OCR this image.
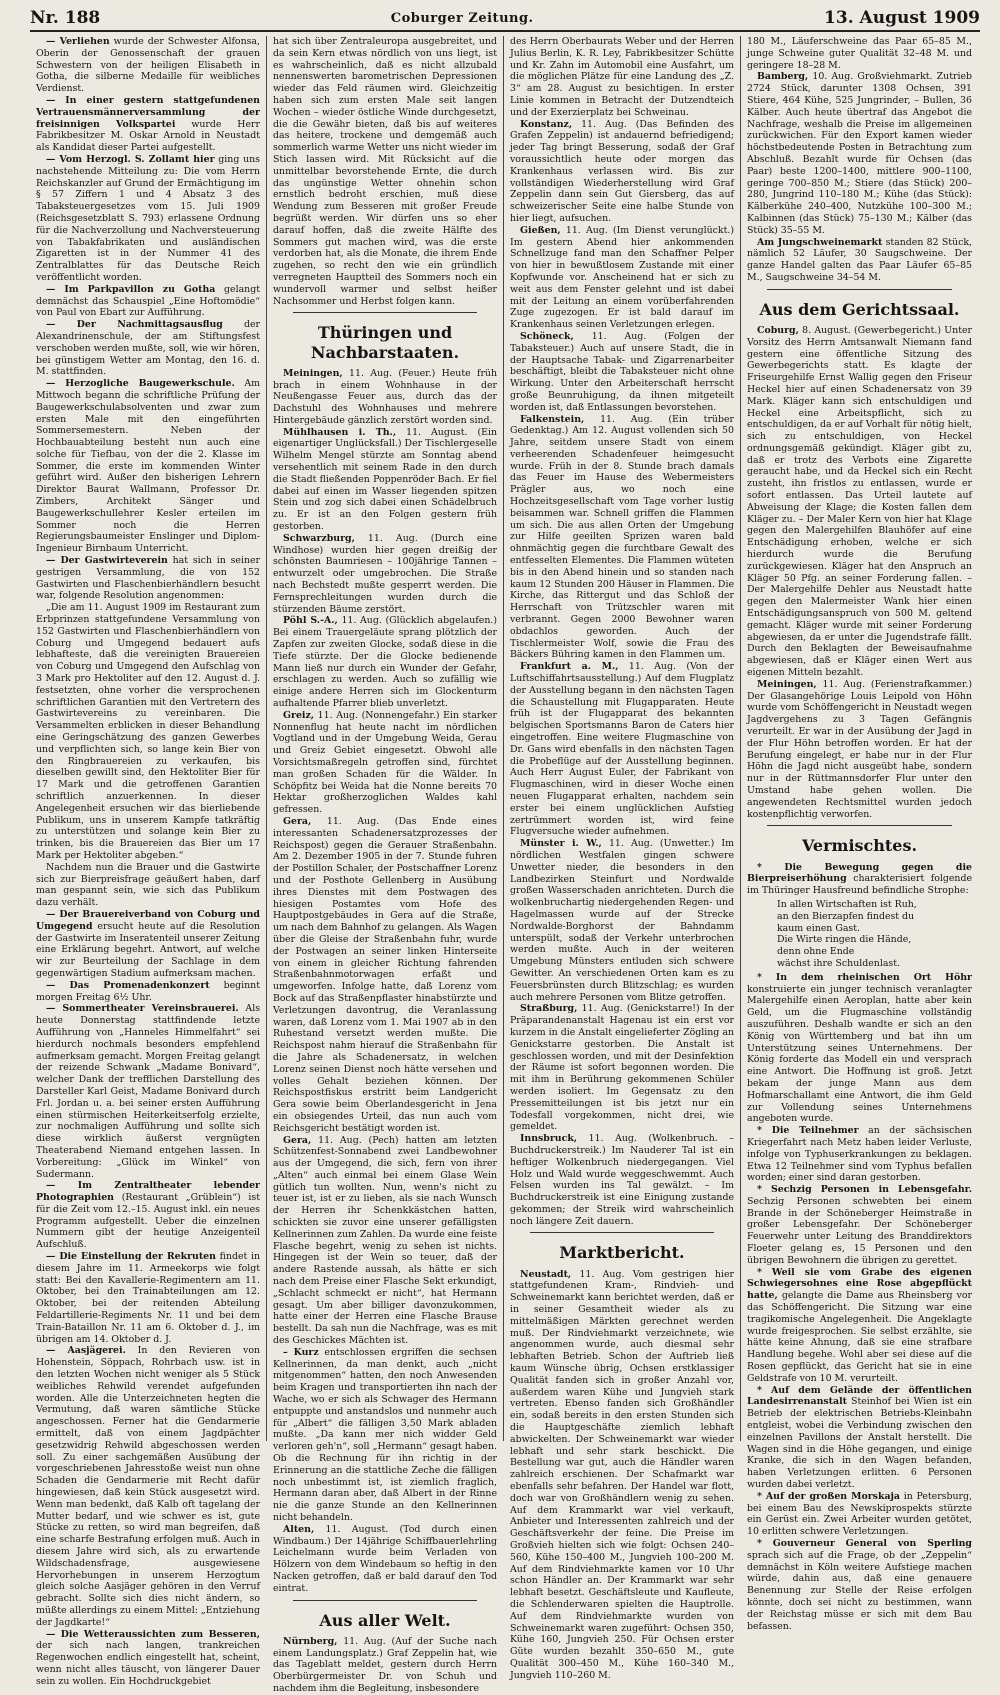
Nr. 188	Coburger Zeitung.	13. August 1909

— Verliehen wurde der Schwester Alfonsa, Oberin der Genossenschaft der grauen Schwestern von der heiligen Elisabeth in Gotha, die silberne Medaille für weibliches Verdienst.

— In einer gestern stattgefundenen Vertrauensmännerversammlung der freisinnigen Volkspartei wurde Herr Fabrikbesitzer M. Oskar Arnold in Neustadt als Kandidat dieser Partei aufgestellt.

— Vom Herzogl. S. Zollamt hier ging uns nachstehende Mitteilung zu: Die vom Herrn Reichskanzler auf Grund der Ermächtigung im § 57 Ziffern 1 und 4 Absatz 3 des Tabaksteuergesetzes vom 15. Juli 1909 (Reichsgesetzblatt S. 793) erlassene Ordnung für die Nachverzollung und Nachversteuerung von Tabakfabrikaten und ausländischen Zigaretten ist in der Nummer 41 des Zentralblattes für das Deutsche Reich veröffentlicht worden.

— Im Parkpavillon zu Gotha gelangt demnächst das Schauspiel „Eine Hoftomödie“ von Paul von Ebart zur Aufführung.

— Der Nachmittagsausflug der Alexandrinenschule, der am Stiftungsfest verschoben werden mußte, soll, wie wir hören, bei günstigem Wetter am Montag, den 16. d. M. stattfinden.

— Herzogliche Baugewerkschule. Am Mittwoch begann die schriftliche Prüfung der Baugewerkschulabsolventen und zwar zum ersten Male mit den eingeführten Sommersemestern. Neben der Hochbauabteilung besteht nun auch eine solche für Tiefbau, von der die 2. Klasse im Sommer, die erste im kommenden Winter geführt wird. Außer den bisherigen Lehrern Direktor Baurat Wallmann, Professor Dr. Zimbers, Architekt Sänger und Baugewerkschullehrer Kesler erteilen im Sommer noch die Herren Regierungsbaumeister Enslinger und Diplom-Ingenieur Birnbaum Unterricht.

— Der Gastwirteverein hat sich in seiner gestrigen Versammlung, die von 152 Gastwirten und Flaschenbierhändlern besucht war, folgende Resolution angenommen:

„Die am 11. August 1909 im Restaurant zum Erbprinzen stattgefundene Versammlung von 152 Gastwirten und Flaschenbierhändlern von Coburg und Umgegend bedauert aufs lebhafteste, daß die vereinigten Brauereien von Coburg und Umgegend den Aufschlag von 3 Mark pro Hektoliter auf den 12. August d. J. festsetzten, ohne vorher die versprochenen schriftlichen Garantien mit den Vertretern des Gastwirtevereins zu vereinbaren. Die Versammelten erblicken in dieser Behandlung eine Geringschätzung des ganzen Gewerbes und verpflichten sich, so lange kein Bier von den Ringbrauereien zu verkaufen, bis dieselben gewillt sind, den Hektoliter Bier für 17 Mark und die getroffenen Garantien schriftlich anzuerkennen. In dieser Angelegenheit ersuchen wir das bierliebende Publikum, uns in unserem Kampfe tatkräftig zu unterstützen und solange kein Bier zu trinken, bis die Brauereien das Bier um 17 Mark per Hektoliter abgeben.“

Nachdem nun die Brauer und die Gastwirte sich zur Bierpreisfrage geäußert haben, darf man gespannt sein, wie sich das Publikum dazu verhält.

— Der Brauereiverband von Coburg und Umgegend ersucht heute auf die Resolution der Gastwirte im Inseratenteil unserer Zeitung eine Erklärung begehrt. Antwort, auf welche wir zur Beurteilung der Sachlage in dem gegenwärtigen Stadium aufmerksam machen.

— Das Promenadenkonzert beginnt morgen Freitag 6½ Uhr.

— Sommertheater Vereinsbrauerei. Als heute Donnerstag stattfindende letzte Aufführung von „Hanneles Himmelfahrt“ sei hierdurch nochmals besonders empfehlend aufmerksam gemacht. Morgen Freitag gelangt der reizende Schwank „Madame Bonivard“, welcher Dank der trefflichen Darstellung des Darsteller Karl Geist, Madame Bonivard durch Frl. Jordan u. a. bei seiner ersten Aufführung einen stürmischen Heiterkeitserfolg erzielte, zur nochmaligen Aufführung und sollte sich diese wirklich äußerst vergnügten Theaterabend Niemand entgehen lassen. In Vorbereitung: „Glück im Winkel“ von Sudermann.

— Im Zentraltheater lebender Photographien (Restaurant „Grüblein“) ist für die Zeit vom 12.–15. August inkl. ein neues Programm aufgestellt. Ueber die einzelnen Nummern gibt der heutige Anzeigenteil Aufschluß.

— Die Einstellung der Rekruten findet in diesem Jahre im 11. Armeekorps wie folgt statt: Bei den Kavallerie-Regimentern am 11. Oktober, bei den Trainabteilungen am 12. Oktober, bei der reitenden Abteilung Feldartillerie-Regiments Nr. 11 und bei dem Train-Bataillon Nr. 11 am 6. Oktober d. J., im übrigen am 14. Oktober d. J.

— Aasjägerei. In den Revieren von Hohenstein, Söppach, Rohrbach usw. ist in den letzten Wochen nicht weniger als 5 Stück weibliches Rehwild verendet aufgefunden worden. Alle die Unterzeichneten hegten die Vermutung, daß waren sämtliche Stücke angeschossen. Ferner hat die Gendarmerie ermittelt, daß von einem Jagdpächter gesetzwidrig Rehwild abgeschossen werden soll. Zu einer sachgemäßen Ausübung der vorgeschriebenen Jahresstoße weist nun ohne Schaden die Gendarmerie mit Recht dafür hingewiesen, daß kein Stück ausgesetzt wird. Wenn man bedenkt, daß Kalb oft tagelang der Mutter bedarf, und wie schwer es ist, gute Stücke zu retten, so wird man begreifen, daß eine scharfe Bestrafung erfolgen muß. Auch in diesem Jahre wird sich, als zu erwartende Wildschadensfrage, ausgewiesene Hervorhebungen in unserem Herzogtum gleich solche Aasjäger gehören in den Verruf gebracht. Sollte sich dies nicht ändern, so müßte allerdings zu einem Mittel: „Entziehung der Jagdkarte!“

— Die Wetteraussichten zum Besseren, der sich nach langen, trankreichen Regenwochen endlich eingestellt hat, scheint, wenn nicht alles täuscht, von längerer Dauer sein zu wollen. Ein Hochdruckgebiet

hat sich über Zentraleuropa ausgebreitet, und da sein Kern etwas nördlich von uns liegt, ist es wahrscheinlich, daß es nicht allzubald nennenswerten barometrischen Depressionen wieder das Feld räumen wird. Gleichzeitig haben sich zum ersten Male seit langen Wochen – wieder östliche Winde durchgesetzt, die die Gewähr bieten, daß bis auf weiteres das heitere, trockene und demgemäß auch sommerlich warme Wetter uns nicht wieder im Stich lassen wird. Mit Rücksicht auf die unmittelbar bevorstehende Ernte, die durch das ungünstige Wetter ohnehin schon ernstlich bedroht erschien, muß diese Wendung zum Besseren mit großer Freude begrüßt werden. Wir dürfen uns so eher darauf hoffen, daß die zweite Hälfte des Sommers gut machen wird, was die erste verdorben hat, als die Monate, die ihrem Ende zugehen, so recht den wie ein gründlich verregneten Hauptteil des Sommers noch ein wundervoll warmer und selbst heißer Nachsommer und Herbst folgen kann.

Thüringen und Nachbarstaaten.

Meiningen, 11. Aug. (Feuer.) Heute früh brach in einem Wohnhause in der Neußengasse Feuer aus, durch das der Dachstuhl des Wohnhauses und mehrere Hintergebäude gänzlich zerstört worden sind.

Mühlhausen i. Th., 11. August. (Ein eigenartiger Unglücksfall.) Der Tischlergeselle Wilhelm Mengel stürzte am Sonntag abend versehentlich mit seinem Rade in den durch die Stadt fließenden Poppenröder Bach. Er fiel dabei auf einen im Wasser liegenden spitzen Stein und zog sich dabei einen Schädelbruch zu. Er ist an den Folgen gestern früh gestorben.

Schwarzburg, 11. Aug. (Durch eine Windhose) wurden hier gegen dreißig der schönsten Baumriesen – 100jährige Tannen – entwurzelt oder umgebrochen. Die Straße nach Bechstedt mußte gesperrt werden. Die Fernsprechleitungen wurden durch die stürzenden Bäume zerstört.

Pöhl S.-A., 11. Aug. (Glücklich abgelaufen.) Bei einem Trauergeläute sprang plötzlich der Zapfen zur zweiten Glocke, sodaß diese in die Tiefe stürzte. Der die Glocke bedienende Mann ließ nur durch ein Wunder der Gefahr, erschlagen zu werden. Auch so zufällig wie einige andere Herren sich im Glockenturm aufhaltende Pfarrer blieb unverletzt.

Greiz, 11. Aug. (Nonnengefahr.) Ein starker Nonnenflug hat heute nacht im nördlichen Vogtland und in der Umgebung Weida, Gerau und Greiz Gebiet eingesetzt. Obwohl alle Vorsichtsmaßregeln getroffen sind, fürchtet man großen Schaden für die Wälder. In Schöpfitz bei Weida hat die Nonne bereits 70 Hektar großherzoglichen Waldes kahl gefressen.

Gera, 11. Aug. (Das Ende eines interessanten Schadenersatzprozesses der Reichspost) gegen die Gerauer Straßenbahn. Am 2. Dezember 1905 in der 7. Stunde fuhren der Postillon Schaler, der Postschaffner Lorenz und der Posthote Gellenberg in Ausübung ihres Dienstes mit dem Postwagen des hiesigen Postamtes vom Hofe des Hauptpostgebäudes in Gera auf die Straße, um nach dem Bahnhof zu gelangen. Als Wagen über die Gleise der Straßenbahn fuhr, wurde der Postwagen an seiner linken Hinterseite von einem in gleicher Richtung fahrenden Straßenbahnmotorwagen erfaßt und umgeworfen. Infolge hatte, daß Lorenz vom Bock auf das Straßenpflaster hinabstürzte und Verletzungen davontrug, die Veranlassung waren, daß Lorenz vom 1. Mai 1907 ab in den Ruhestand versetzt werden mußte. Die Reichspost nahm hierauf die Straßenbahn für die Jahre als Schadenersatz, in welchen Lorenz seinen Dienst noch hätte versehen und volles Gehalt beziehen können. Der Reichspostfiskus erstritt beim Landgericht Gera sowie beim Oberlandesgericht in Jena ein obsiegendes Urteil, das nun auch vom Reichsgericht bestätigt worden ist.

Gera, 11. Aug. (Pech) hatten am letzten Schützenfest-Sonnabend zwei Landbewohner aus der Umgegend, die sich, fern von ihrer „Alten“ auch einmal bei einem Glase Wein gütlich tun wollten. Nun, wenn's nicht zu teuer ist, ist er zu lieben, als sie nach Wunsch der Herren ihr Schenkkästchen hatten, schickten sie zuvor eine unserer gefälligsten Kellnerinnen zum Zahlen. Da wurde eine feiste Flasche begehrt, wenig zu sehen ist nichts. Hingegen ist der Wein so teuer, daß der andere Rastende aussah, als hätte er sich nach dem Preise einer Flasche Sekt erkundigt, „Schlacht schmeckt er nicht“, hat Hermann gesagt. Um aber billiger davonzukommen, hatte einer der Herren eine Flasche Brause bestellt. Da sah nun die Nachfrage, was es mit des Geschickes Mächten ist.

– Kurz entschlossen ergriffen die sechsen Kellnerinnen, da man denkt, auch „nicht mitgenommen“ hatten, den noch Anwesenden beim Kragen und transportierten ihn nach der Wache, wo er sich als Schwager des Hermann entpuppte und anstandslos und nunmehr auch für „Albert“ die fälligen 3,50 Mark abladen mußte. „Da kann mer nich widder Geld verloren geh'n“, soll „Hermann“ gesagt haben. Ob die Rechnung für ihn richtig in der Erinnerung an die stattliche Zeche die fälligen noch unbestimmt ist, ist ziemlich fraglich, Hermann daran aber, daß Albert in der Rinne nie die ganze Stunde an den Kellnerinnen nicht behandeln.

Alten, 11. August. (Tod durch einen Windbaum.) Der 14jährige Schiffbauerlehrling Leichelmann wurde beim Verladen von Hölzern von dem Windebaum so heftig in den Nacken getroffen, daß er bald darauf den Tod eintrat.

Aus aller Welt.

Nürnberg, 11. Aug. (Auf der Suche nach einem Landungsplatz.) Graf Zeppelin hat, wie das Tageblatt meldet, gestern durch Herrn Oberbürgermeister Dr. von Schuh und nachdem ihm die Begleitung, insbesondere

des Herrn Oberbaurats Weber und der Herren Julius Berlin, K. R. Ley, Fabrikbesitzer Schütte und Kr. Zahn im Automobil eine Ausfahrt, um die möglichen Plätze für eine Landung des „Z. 3“ am 28. August zu besichtigen. In erster Linie kommen in Betracht der Dutzendteich und der Exerzierplatz bei Schweinau.

Konstanz, 11. Aug. (Das Befinden des Grafen Zeppelin) ist andauernd befriedigend; jeder Tag bringt Besserung, sodaß der Graf voraussichtlich heute oder morgen das Krankenhaus verlassen wird. Bis zur vollständigen Wiederherstellung wird Graf Zeppelin dann sein Gut Giersberg, das auf schweizerischer Seite eine halbe Stunde von hier liegt, aufsuchen.

Gießen, 11. Aug. (Im Dienst verunglückt.) Im gestern Abend hier ankommenden Schnellzuge fand man den Schaffner Pelper von hier in bewußtlosem Zustande mit einer Kopfwunde vor. Anscheinend hat er sich zu weit aus dem Fenster gelehnt und ist dabei mit der Leitung an einem vorüberfahrenden Zuge zugezogen. Er ist bald darauf im Krankenhaus seinen Verletzungen erlegen.

Schöneck, 11. Aug. (Folgen der Tabaksteuer.) Auch auf unsere Stadt, die in der Hauptsache Tabak- und Zigarrenarbeiter beschäftigt, bleibt die Tabaksteuer nicht ohne Wirkung. Unter den Arbeiterschaft herrscht große Beunruhigung, da ihnen mitgeteilt worden ist, daß Entlassungen bevorstehen.

Falkenstein, 11. Aug. (Ein trüber Gedenktag.) Am 12. August vollenden sich 50 Jahre, seitdem unsere Stadt von einem verheerenden Schadenfeuer heimgesucht wurde. Früh in der 8. Stunde brach damals das Feuer im Hause des Webermeisters Prägler aus, wo noch eine Hochzeitsgesellschaft vom Tage vorher lustig beisammen war. Schnell griffen die Flammen um sich. Die aus allen Orten der Umgebung zur Hilfe geeilten Sprizen waren bald ohnmächtig gegen die furchtbare Gewalt des entfesselten Elementes. Die Flammen wüteten bis in den Abend hinein und so standen nach kaum 12 Stunden 200 Häuser in Flammen. Die Kirche, das Rittergut und das Schloß der Herrschaft von Trützschler waren mit verbrannt. Gegen 2000 Bewohner waren obdachlos geworden. Auch der Tischlermeister Wolf, sowie die Frau des Bäckers Bühring kamen in den Flammen um.

Frankfurt a. M., 11. Aug. (Von der Luftschiffahrtsausstellung.) Auf dem Flugplatz der Ausstellung begann in den nächsten Tagen die Schaustellung mit Flugapparaten. Heute früh ist der Flugapparat des bekannten belgischen Sportsmanns Baron de Caters hier eingetroffen. Eine weitere Flugmaschine von Dr. Gans wird ebenfalls in den nächsten Tagen die Probeflüge auf der Ausstellung beginnen. Auch Herr August Euler, der Fabrikant von Flugmaschinen, wird in dieser Woche einen neuen Flugapparat erhalten, nachdem sein erster bei einem unglücklichen Aufstieg zertrümmert worden ist, wird feine Flugversuche wieder aufnehmen.

Münster i. W., 11. Aug. (Unwetter.) Im nördlichen Westfalen gingen schwere Unwetter nieder, die besonders in den Landbezirken Steinfurt und Nordwalde großen Wasserschaden anrichteten. Durch die wolkenbruchartig niedergehenden Regen- und Hagelmassen wurde auf der Strecke Nordwalde-Borghorst der Bahndamm unterspült, sodaß der Verkehr unterbrochen werden mußte. Auch in der weiteren Umgebung Münsters entluden sich schwere Gewitter. An verschiedenen Orten kam es zu Feuersbrünsten durch Blitzschlag; es wurden auch mehrere Personen vom Blitze getroffen.

Straßburg, 11. Aug. (Genickstarre!) In der Präparandenanstalt Hagenau ist ein erst vor kurzem in die Anstalt eingelieferter Zögling an Genickstarre gestorben. Die Anstalt ist geschlossen worden, und mit der Desinfektion der Räume ist sofort begonnen worden. Die mit ihm in Berührung gekommenen Schüler werden isoliert. Im Gegensatz zu den Pressemitteilungen ist bis jetzt nur ein Todesfall vorgekommen, nicht drei, wie gemeldet.

Innsbruck, 11. Aug. (Wolkenbruch. – Buchdruckerstreik.) Im Nauderer Tal ist ein heftiger Wolkenbruch niedergegangen. Viel Holz und Wald wurde weggeschwemmt. Auch Felsen wurden ins Tal gewälzt. – Im Buchdruckerstreik ist eine Einigung zustande gekommen; der Streik wird wahrscheinlich noch längere Zeit dauern.

Marktbericht.

Neustadt, 11. Aug. Vom gestrigen hier stattgefundenen Kram-, Rindvieh- und Schweinemarkt kann berichtet werden, daß er in seiner Gesamtheit wieder als zu mittelmäßigen Märkten gerechnet werden muß. Der Rindviehmarkt verzeichnete, wie angenommen wurde, auch diesmal sehr lebhaften Betrieb. Schon der Auftrieb ließ kaum Wünsche übrig, Ochsen erstklassiger Qualität fanden sich in großer Anzahl vor, außerdem waren Kühe und Jungvieh stark vertreten. Ebenso fanden sich Großhändler ein, sodaß bereits in den ersten Stunden sich die Hauptgeschäfte ziemlich lebhaft abwickelten. Der Schweinemarkt war wieder lebhaft und sehr stark beschickt. Die Bestellung war gut, auch die Händler waren zahlreich erschienen. Der Schafmarkt war ebenfalls sehr befahren. Der Handel war flott, doch war von Großhändlern wenig zu sehen. Auf dem Krammarkt war viel verkauft, Anbieter und Interessenten zahlreich und der Geschäftsverkehr der feine. Die Preise im Großvieh hielten sich wie folgt: Ochsen 240–560, Kühe 150–400 M., Jungvieh 100–200 M. Auf dem Rindviehmarkte kamen vor 10 Uhr schon Händler an. Der Krammarkt war sehr lebhaft besetzt. Geschäftsleute und Kaufleute, die Schlenderwaren spielten die Hauptrolle. Auf dem Rindviehmarkte wurden von Schweinemarkt waren zugeführt: Ochsen 350, Kühe 160, Jungvieh 250. Für Ochsen erster Güte wurden bezahlt 350–650 M., gute Qualität 300–450 M., Kühe 160–340 M., Jungvieh 110–260 M.

180 M., Läuferschweine das Paar 65–85 M., junge Schweine guter Qualität 32–48 M. und geringere 18–28 M.

Bamberg, 10. Aug. Großviehmarkt. Zutrieb 2724 Stück, darunter 1308 Ochsen, 391 Stiere, 464 Kühe, 525 Jungrinder, – Bullen, 36 Kälber. Auch heute übertraf das Angebot die Nachfrage, weshalb die Preise im allgemeinen zurückwichen. Für den Export kamen wieder höchstbedeutende Posten in Betrachtung zum Abschluß. Bezahlt wurde für Ochsen (das Paar) beste 1200–1400, mittlere 900–1100, geringe 700–850 M.; Stiere (das Stück) 200–280, Jungrind 110–180 M.; Kühe (das Stück): Kälberkühe 240–400, Nutzkühe 100–300 M.; Kalbinnen (das Stück) 75–130 M.; Kälber (das Stück) 35–55 M.

Am Jungschweinemarkt standen 82 Stück, nämlich 52 Läufer, 30 Saugschweine. Der ganze Handel galten das Paar Läufer 65–85 M., Saugschweine 34–54 M.

Aus dem Gerichtssaal.

Coburg, 8. August. (Gewerbegericht.) Unter Vorsitz des Herrn Amtsanwalt Niemann fand gestern eine öffentliche Sitzung des Gewerbegerichts statt. Es klagte der Friseurgehilfe Ernst Wallig gegen den Friseur Heckel hier auf einen Schadenersatz von 39 Mark. Kläger kann sich entschuldigen und Heckel eine Arbeitspflicht, sich zu entschuldigen, da er auf Vorhalt für nötig hielt, sich zu entschuldigen, von Heckel ordnungsgemäß gekündigt. Kläger gibt zu, daß er trotz des Verbots eine Zigarette geraucht habe, und da Heckel sich ein Recht zusteht, ihn fristlos zu entlassen, wurde er sofort entlassen. Das Urteil lautete auf Abweisung der Klage; die Kosten fallen dem Kläger zu. – Der Maler Kern von hier hat Klage gegen den Malergehilfen Blauhöfer auf eine Entschädigung erhoben, welche er sich hierdurch wurde die Berufung zurückgewiesen. Kläger hat den Anspruch an Kläger 50 Pfg. an seiner Forderung fallen. – Der Malergehilfe Dehler aus Neustadt hatte gegen den Malermeister Wank hier einen Entschädigungsanspruch von 500 M. geltend gemacht. Kläger wurde mit seiner Forderung abgewiesen, da er unter die Jugendstrafe fällt. Durch den Beklagten der Beweisaufnahme abgewiesen, daß er Kläger einen Wert aus eigenen Mitteln bezahlt.

Meiningen, 11. Aug. (Ferienstrafkammer.) Der Glasangehörige Louis Leipold von Höhn wurde vom Schöffengericht in Neustadt wegen Jagdvergehens zu 3 Tagen Gefängnis verurteilt. Er war in der Ausübung der Jagd in der Flur Höhn betroffen worden. Er hat der Berufung eingelegt, er habe nur in der Flur Höhn die Jagd nicht ausgeübt habe, sondern nur in der Rüttmannsdorfer Flur unter den Umstand habe gehen wollen. Die angewendeten Rechtsmittel wurden jedoch kostenpflichtig verworfen.

Vermischtes.

* Die Bewegung gegen die Bierpreiserhöhung charakterisiert folgende im Thüringer Hausfreund befindliche Strophe:

In allen Wirtschaften ist Ruh,
an den Bierzapfen findest du
kaum einen Gast.
Die Wirte ringen die Hände,
denn ohne Ende
wächst ihre Schuldenlast.

* In dem rheinischen Ort Höhr konstruierte ein junger technisch veranlagter Malergehilfe einen Aeroplan, hatte aber kein Geld, um die Flugmaschine vollständig auszuführen. Deshalb wandte er sich an den König von Württemberg und bat ihn um Unterstützung seines Unternehmens. Der König forderte das Modell ein und versprach eine Antwort. Die Hoffnung ist groß. Jetzt bekam der junge Mann aus dem Hofmarschallamt eine Antwort, die ihm Geld zur Vollendung seines Unternehmens angeboten wurde.

* Die Teilnehmer an der sächsischen Kriegerfahrt nach Metz haben leider Verluste, infolge von Typhuserkrankungen zu beklagen. Etwa 12 Teilnehmer sind vom Typhus befallen worden; einer sind daran gestorben.

* Sechzig Personen in Lebensgefahr. Sechzig Personen schwebten bei einem Brande in der Schöneberger Heimstraße in großer Lebensgefahr. Der Schöneberger Feuerwehr unter Leitung des Branddirektors Floeter gelang es, 15 Personen und den übrigen Bewohnern die übrigen zu gerettet.

* Weil sie vom Grabe des eigenen Schwiegersohnes eine Rose abgepflückt hatte, gelangte die Dame aus Rheinsberg vor das Schöffengericht. Die Sitzung war eine tragikomische Angelegenheit. Die Angeklagte wurde freigesprochen. Sie selbst erzählte, sie hätte keine Ahnung, daß sie eine strafbare Handlung begehe. Wohl aber sei diese auf die Rosen gepflückt, das Gericht hat sie in eine Geldstrafe von 10 M. verurteilt.

* Auf dem Gelände der öffentlichen Landesirrenanstalt Steinhof bei Wien ist ein Betrieb der elektrischen Betriebs-Kleinbahn entgleist, wobei die Verbindung zwischen den einzelnen Pavillons der Anstalt herstellt. Die Wagen sind in die Höhe gegangen, und einige Kranke, die sich in den Wagen befanden, haben Verletzungen erlitten. 6 Personen wurden dabei verletzt.

* Auf der großen Morskaja in Petersburg, bei einem Bau des Newskiprospekts stürzte ein Gerüst ein. Zwei Arbeiter wurden getötet, 10 erlitten schwere Verletzungen.

* Gouverneur General von Sperling sprach sich auf die Frage, ob der „Zeppelin“ demnächst in Köln weitere Aufstiege machen würde, dahin aus, daß eine genauere Benennung zur Stelle der Reise erfolgen könnte, doch sei nicht zu bestimmen, wann der Reichstag müsse er sich mit dem Bau befassen.
